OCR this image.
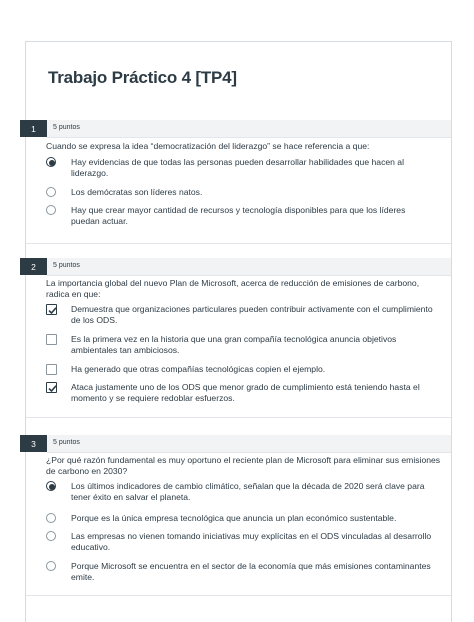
Trabajo Práctico 4 [TP4]
1	5 puntos
Cuando se expresa la idea “democratización del liderazgo” se hace referencia a que:
Hay evidencias de que todas las personas pueden desarrollar habilidades que hacen al liderazgo.
Los demócratas son líderes natos.
Hay que crear mayor cantidad de recursos y tecnología disponibles para que los líderes puedan actuar.
2	5 puntos
La importancia global del nuevo Plan de Microsoft, acerca de reducción de emisiones de carbono, radica en que:
Demuestra que organizaciones particulares pueden contribuir activamente con el cumplimiento de los ODS.
Es la primera vez en la historia que una gran compañía tecnológica anuncia objetivos ambientales tan ambiciosos.
Ha generado que otras compañías tecnológicas copien el ejemplo.
Ataca justamente uno de los ODS que menor grado de cumplimiento está teniendo hasta el momento y se requiere redoblar esfuerzos.
3	5 puntos
¿Por qué razón fundamental es muy oportuno el reciente plan de Microsoft para eliminar sus emisiones de carbono en 2030?
Los últimos indicadores de cambio climático, señalan que la década de 2020 será clave para tener éxito en salvar el planeta.
Porque es la única empresa tecnológica que anuncia un plan económico sustentable.
Las empresas no vienen tomando iniciativas muy explícitas en el ODS vinculadas al desarrollo educativo.
Porque Microsoft se encuentra en el sector de la economía que más emisiones contaminantes emite.
